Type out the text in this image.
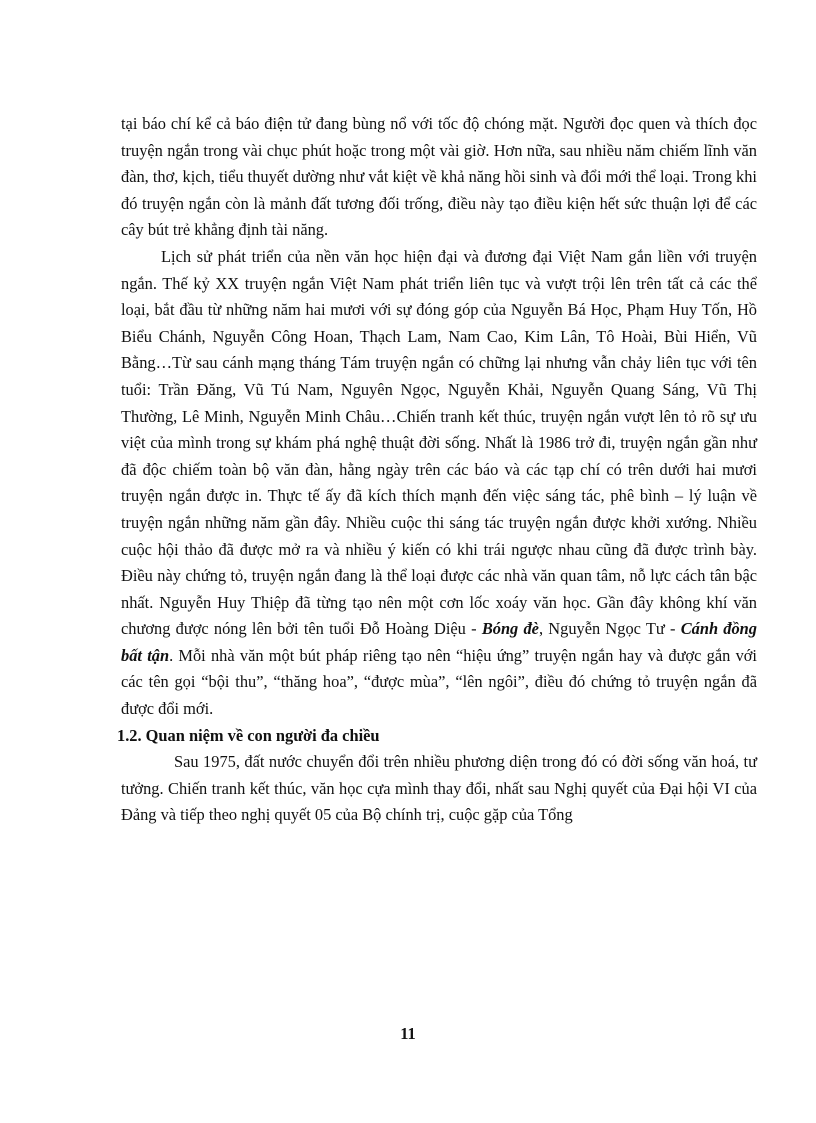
tại báo chí kể cả báo điện tử đang bùng nổ với tốc độ chóng mặt. Người đọc quen và thích đọc truyện ngắn trong vài chục phút hoặc trong một vài giờ. Hơn nữa, sau nhiều năm chiếm lĩnh văn đàn, thơ, kịch, tiểu thuyết dường như vắt kiệt về khả năng hồi sinh và đổi mới thể loại. Trong khi đó truyện ngắn còn là mảnh đất tương đối trống, điều này tạo điều kiện hết sức thuận lợi để các cây bút trẻ khẳng định tài năng.

Lịch sử phát triển của nền văn học hiện đại và đương đại Việt Nam gắn liền với truyện ngắn. Thế kỷ XX truyện ngắn Việt Nam phát triển liên tục và vượt trội lên trên tất cả các thể loại, bắt đầu từ những năm hai mươi với sự đóng góp của Nguyễn Bá Học, Phạm Huy Tốn, Hồ Biểu Chánh, Nguyễn Công Hoan, Thạch Lam, Nam Cao, Kim Lân, Tô Hoài, Bùi Hiển, Vũ Bằng…Từ sau cánh mạng tháng Tám truyện ngắn có chững lại nhưng vẫn chảy liên tục với tên tuổi: Trần Đăng, Vũ Tú Nam, Nguyên Ngọc, Nguyễn Khải, Nguyễn Quang Sáng, Vũ Thị Thường, Lê Minh, Nguyễn Minh Châu…Chiến tranh kết thúc, truyện ngắn vượt lên tỏ rõ sự ưu việt của mình trong sự khám phá nghệ thuật đời sống. Nhất là 1986 trở đi, truyện ngắn gần như đã độc chiếm toàn bộ văn đàn, hằng ngày trên các báo và các tạp chí có trên dưới hai mươi truyện ngắn được in. Thực tế ấy đã kích thích mạnh đến việc sáng tác, phê bình – lý luận về truyện ngắn những năm gần đây. Nhiều cuộc thi sáng tác truyện ngắn được khởi xướng. Nhiều cuộc hội thảo đã được mở ra và nhiều ý kiến có khi trái ngược nhau cũng đã được trình bày. Điều này chứng tỏ, truyện ngắn đang là thể loại được các nhà văn quan tâm, nỗ lực cách tân bậc nhất. Nguyễn Huy Thiệp đã từng tạo nên một cơn lốc xoáy văn học. Gần đây không khí văn chương được nóng lên bởi tên tuổi Đỗ Hoàng Diệu - Bóng đè, Nguyễn Ngọc Tư - Cánh đồng bất tận. Mỗi nhà văn một bút pháp riêng tạo nên “hiệu ứng” truyện ngắn hay và được gắn với các tên gọi “bội thu”, “thăng hoa”, “được mùa”, “lên ngôi”, điều đó chứng tỏ truyện ngắn đã được đổi mới.

1.2. Quan niệm về con người đa chiều

Sau 1975, đất nước chuyển đổi trên nhiều phương diện trong đó có đời sống văn hoá, tư tưởng. Chiến tranh kết thúc, văn học cựa mình thay đổi, nhất sau Nghị quyết của Đại hội VI của Đảng và tiếp theo nghị quyết 05 của Bộ chính trị, cuộc gặp của Tổng

11
